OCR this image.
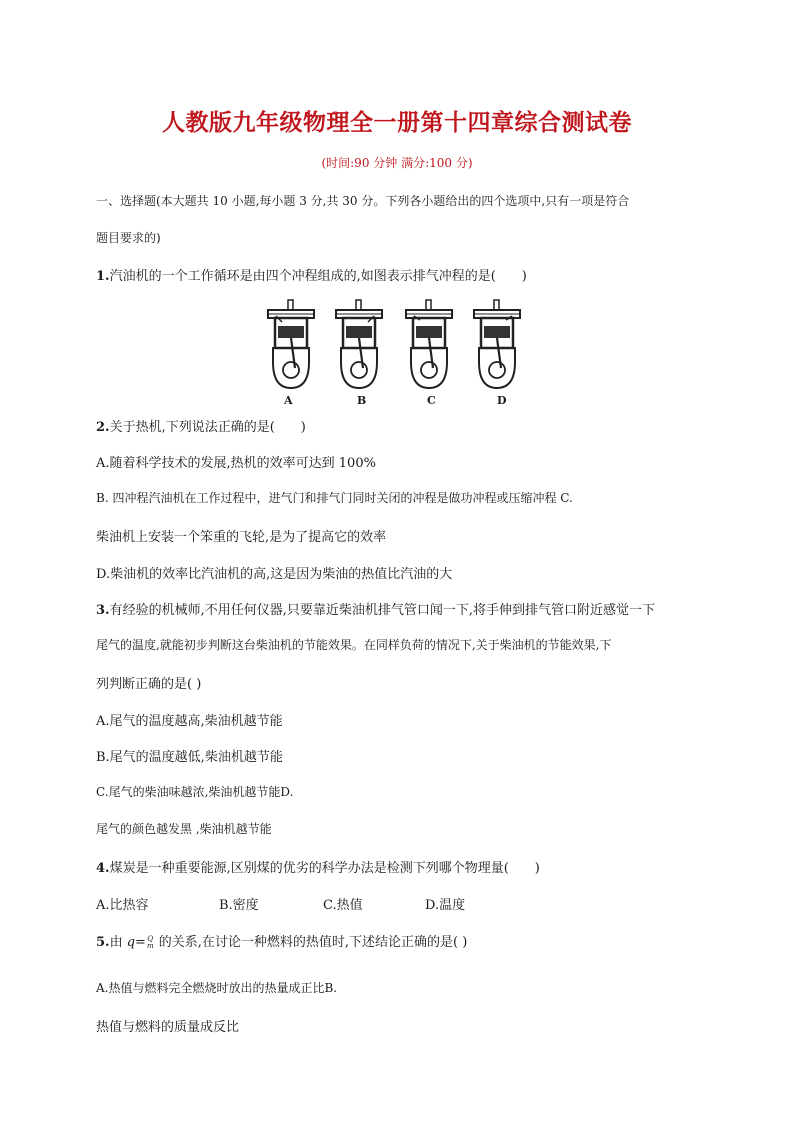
人教版九年级物理全一册第十四章综合测试卷
(时间:90 分钟 满分:100 分)
一、选择题(本大题共 10 小题,每小题 3 分,共 30 分。下列各小题给出的四个选项中,只有一项是符合
题目要求的)
1.汽油机的一个工作循环是由四个冲程组成的,如图表示排气冲程的是(　　)
A	B	C	D
2.关于热机,下列说法正确的是(　　)
A.随着科学技术的发展,热机的效率可达到 100%
B. 四冲程汽油机在工作过程中，进气门和排气门同时关闭的冲程是做功冲程或压缩冲程 C.
柴油机上安装一个笨重的飞轮,是为了提高它的效率
D.柴油机的效率比汽油机的高,这是因为柴油的热值比汽油的大
3.有经验的机械师,不用任何仪器,只要靠近柴油机排气管口闻一下,将手伸到排气管口附近感觉一下
尾气的温度,就能初步判断这台柴油机的节能效果。在同样负荷的情况下,关于柴油机的节能效果,下
列判断正确的是( )
A.尾气的温度越高,柴油机越节能
B.尾气的温度越低,柴油机越节能
C.尾气的柴油味越浓,柴油机越节能D.
尾气的颜色越发黑 ,柴油机越节能
4.煤炭是一种重要能源,区别煤的优劣的科学办法是检测下列哪个物理量(　　)
A.比热容	B.密度	C.热值	D.温度
5.由 q= 𝑄
𝑚 的关系,在讨论一种燃料的热值时,下述结论正确的是( )
A.热值与燃料完全燃烧时放出的热量成正比B.
热值与燃料的质量成反比
